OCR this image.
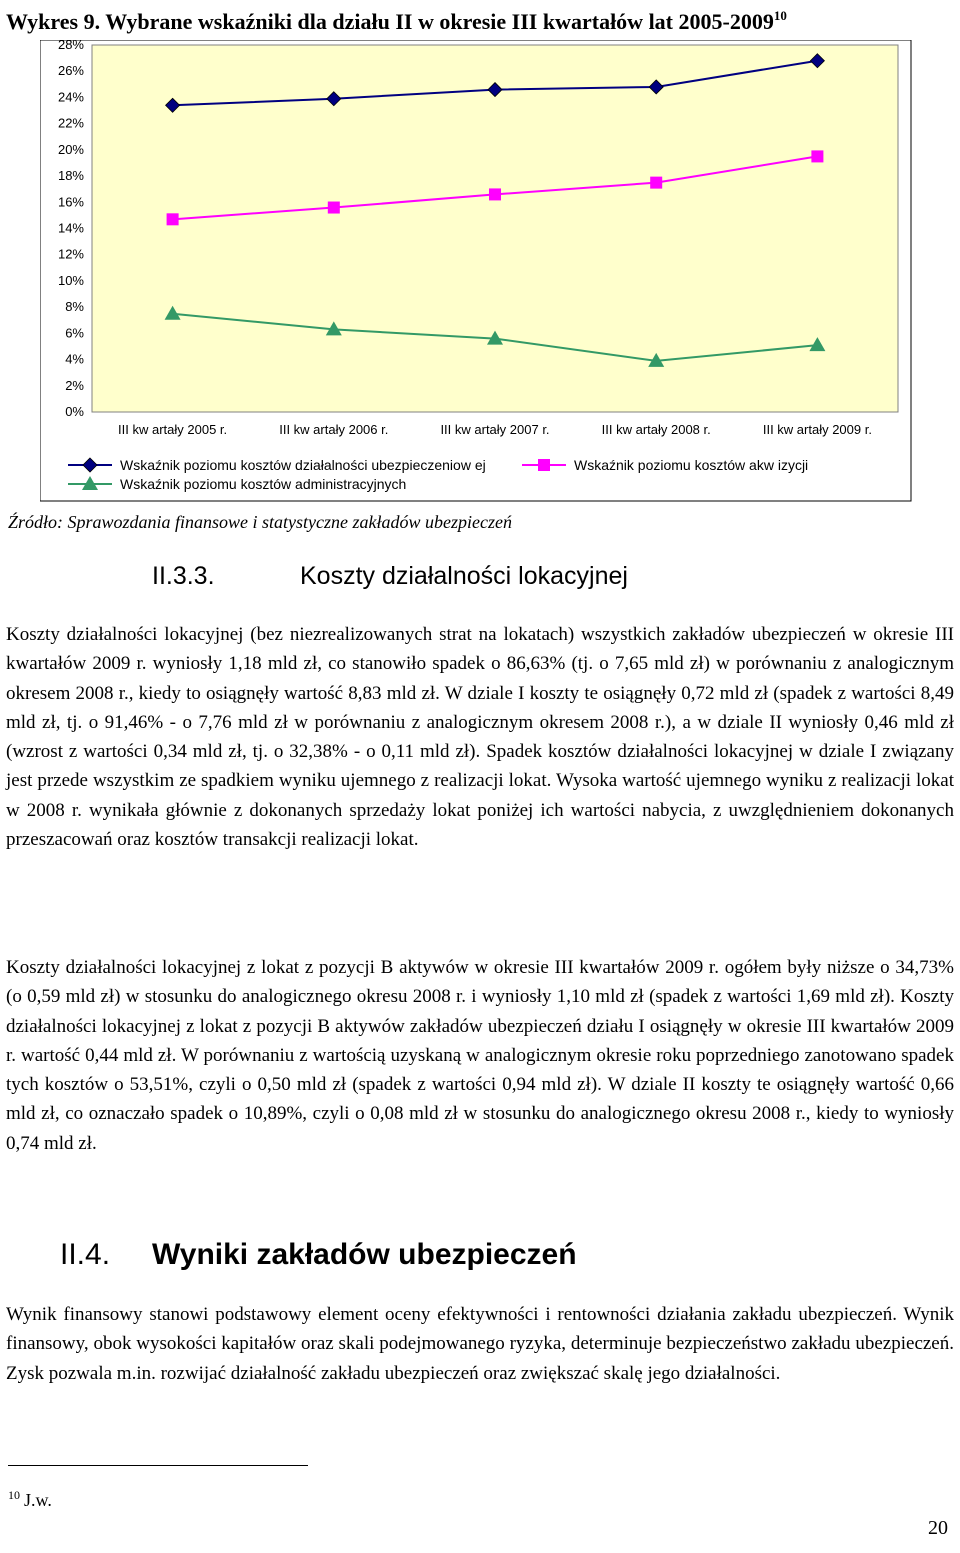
Wykres 9. Wybrane wskaźniki dla działu II w okresie III kwartałów lat 2005-2009$^{10}$
0%
2%
4%
6%
8%
10%
12%
14%
16%
18%
20%
22%
24%
26%
28%
III kw artały 2005 r.	III kw artały 2006 r.	III kw artały 2007 r.	III kw artały 2008 r.	III kw artały 2009 r.
Wskaźnik poziomu kosztów działalności ubezpieczeniow ej	Wskaźnik poziomu kosztów akw izycji
Wskaźnik poziomu kosztów administracyjnych
Źródło: Sprawozdania finansowe i statystyczne zakładów ubezpieczeń
II.3.3.	Koszty działalności lokacyjnej
Koszty działalności lokacyjnej (bez niezrealizowanych strat na lokatach) wszystkich zakładów ubezpieczeń w okresie III kwartałów 2009 r. wyniosły 1,18 mld zł, co stanowiło spadek o 86,63% (tj. o 7,65 mld zł) w porównaniu z analogicznym okresem 2008 r., kiedy to osiągnęły wartość 8,83 mld zł. W dziale I koszty te osiągnęły 0,72 mld zł (spadek z wartości 8,49 mld zł, tj. o 91,46% - o 7,76 mld zł w porównaniu z analogicznym okresem 2008 r.), a w dziale II wyniosły 0,46 mld zł (wzrost z wartości 0,34 mld zł, tj. o 32,38% - o 0,11 mld zł). Spadek kosztów działalności lokacyjnej w dziale I związany jest przede wszystkim ze spadkiem wyniku ujemnego z realizacji lokat. Wysoka wartość ujemnego wyniku z realizacji lokat w 2008 r. wynikała głównie z dokonanych sprzedaży lokat poniżej ich wartości nabycia, z uwzględnieniem dokonanych przeszacowań oraz kosztów transakcji realizacji lokat.
Koszty działalności lokacyjnej z lokat z pozycji B aktywów w okresie III kwartałów 2009 r. ogółem były niższe o 34,73% (o 0,59 mld zł) w stosunku do analogicznego okresu 2008 r. i wyniosły 1,10 mld zł (spadek z wartości 1,69 mld zł). Koszty działalności lokacyjnej z lokat z pozycji B aktywów zakładów ubezpieczeń działu I osiągnęły w okresie III kwartałów 2009 r. wartość 0,44 mld zł. W porównaniu z wartością uzyskaną w analogicznym okresie roku poprzedniego zanotowano spadek tych kosztów o 53,51%, czyli o 0,50 mld zł (spadek z wartości 0,94 mld zł). W dziale II koszty te osiągnęły wartość 0,66 mld zł, co oznaczało spadek o 10,89%, czyli o 0,08 mld zł w stosunku do analogicznego okresu 2008 r., kiedy to wyniosły 0,74 mld zł.
II.4. Wyniki zakładów ubezpieczeń
Wynik finansowy stanowi podstawowy element oceny efektywności i rentowności działania zakładu ubezpieczeń. Wynik finansowy, obok wysokości kapitałów oraz skali podejmowanego ryzyka, determinuje bezpieczeństwo zakładu ubezpieczeń. Zysk pozwala m.in. rozwijać działalność zakładu ubezpieczeń oraz zwiększać skalę jego działalności.
$^{10}$ J.w.
20
